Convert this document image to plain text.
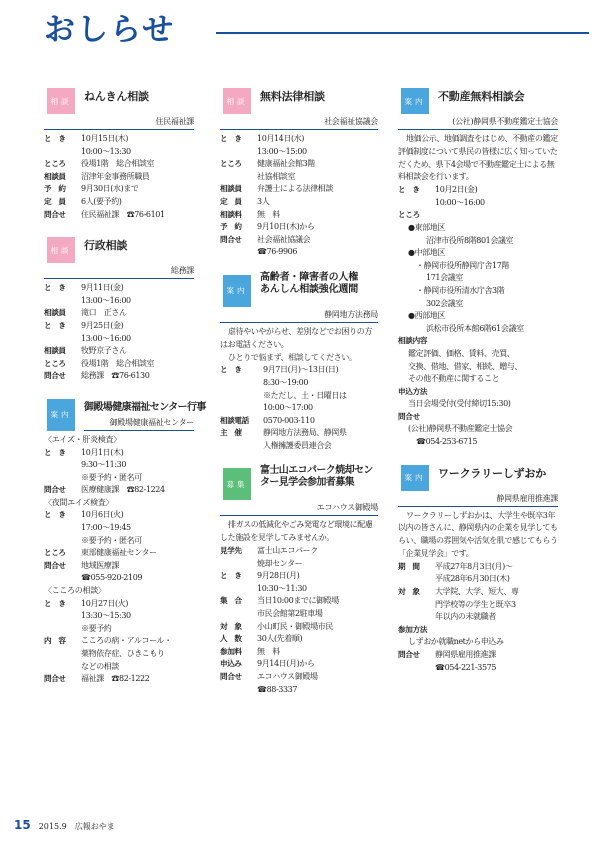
おしらせ
相談	ねんきん相談
住民福祉課
と　き	10月15日(木)
10:00～13:30
ところ	役場1階　総合相談室
相談員	沼津年金事務所職員
予　約	9月30日(水)まで
定　員	6人(要予約)
問合せ	住民福祉課　☎76-6101
相談	行政相談
総務課
と　き	9月11日(金)
13:00～16:00
相談員	滝口　正さん
と　き	9月25日(金)
13:00～16:00
相談員	牧野京子さん
ところ	役場1階　総合相談室
問合せ	総務課　☎76-6130
案内
御殿場健康福祉センター行事
御殿場健康福祉センター
〈エイズ・肝炎検査〉
と　き	10月1日(木)
9:30～11:30
※要予約・匿名可
問合せ	医療健康課　☎82-1224
〈夜間エイズ検査〉
と　き	10月6日(火)
17:00～19:45
※要予約・匿名可
ところ	東部健康福祉センター
問合せ	地域医療課
☎055-920-2109
〈こころの相談〉
と　き	10月27日(火)
13:30～15:30
※要予約
内　容	こころの病・アルコール・
薬物依存症、ひきこもり
などの相談
問合せ	福祉課　☎82-1222
相談	無料法律相談
社会福祉協議会
と　き	10月14日(水)
13:00～15:00
ところ	健康福祉会館3階
社協相談室
相談員	弁護士による法律相談
定　員	3人
相談料	無　料
予　約	9月10日(木)から
問合せ	社会福祉協議会
☎76-9906
案内
高齢者・障害者の人権
あんしん相談強化週間
静岡地方法務局
虐待やいやがらせ、差別などでお困りの方はお電話ください。
ひとりで悩まず、相談してください。
と　き	9月7日(月)～13日(日)
8:30～19:00
※ただし、土・日曜日は
10:00～17:00
相談電話	0570-003-110
主　催	静岡地方法務局、静岡県
人権擁護委員連合会
募集
富士山エコパーク焼却セン
ター見学会参加者募集
エコハウス御殿場
排ガスの低減化やごみ発電など環境に配慮した施設を見学してみませんか。
見学先	富士山エコパーク
焼却センター
と　き	9月28日(月)
10:30～11:30
集　合	当日10:00までに御殿場
市民会館第2駐車場
対　象	小山町民・御殿場市民
人　数	30人(先着順)
参加料	無　料
申込み	9月14日(月)から
問合せ	エコハウス御殿場
☎88-3337
案内	不動産無料相談会
(公社)静岡県不動産鑑定士協会
地価公示、地価調査をはじめ、不動産の鑑定評価制度について県民の皆様に広く知っていただくため、県下4会場で不動産鑑定士による無料相談会を行います。
と　き	10月2日(金)
10:00～16:00
ところ
●東部地区
沼津市役所8階801会議室
●中部地区
・静岡市役所静岡庁舎17階
171会議室
・静岡市役所清水庁舎3階
302会議室
●西部地区
浜松市役所本館6階61会議室
相談内容
鑑定評価、価格、賃料、売買、
交換、借地、借家、相続、贈与、
その他不動産に関すること
申込方法
当日会場受付(受付締切15:30)
問合せ
(公社)静岡県不動産鑑定士協会
☎054-253-6715
案内	ワークラリーしずおか
静岡県雇用推進課
ワークラリーしずおかは、大学生や既卒3年以内の皆さんに、静岡県内の企業を見学してもらい、職場の雰囲気や活気を肌で感じてもらう「企業見学会」です。
期　間	平成27年8月3日(月)～
平成28年6月30日(木)
対　象	大学院、大学、短大、専
門学校等の学生と既卒3
年以内の未就職者
参加方法
しずおか就職netから申込み
問合せ	静岡県雇用推進課
☎054-221-3575
15 2015.9 広報おやま
